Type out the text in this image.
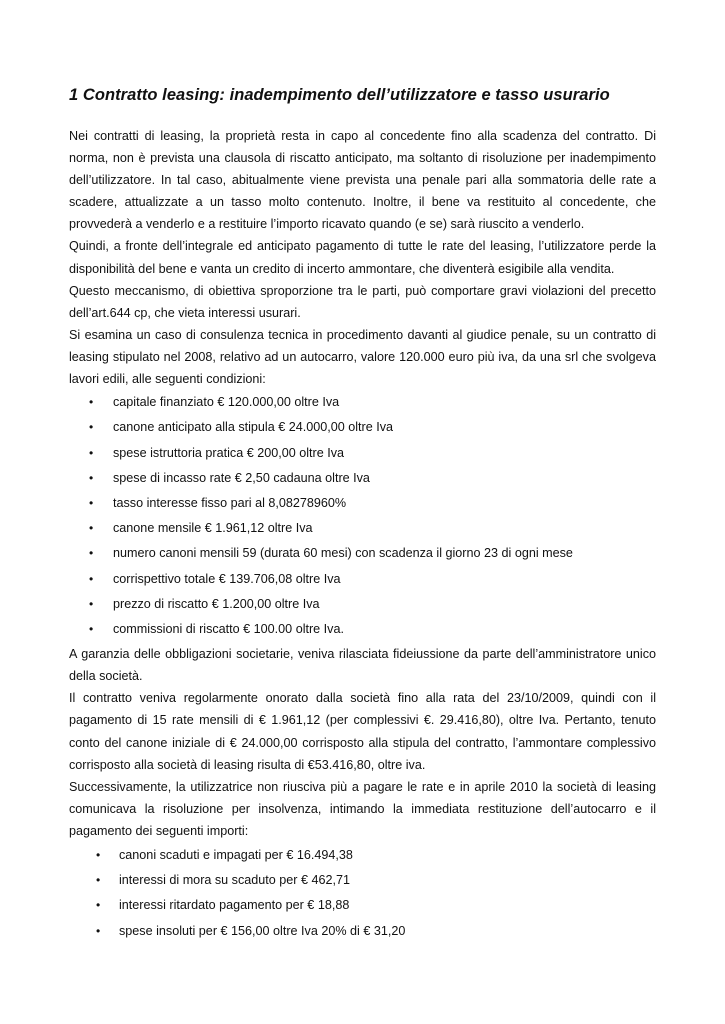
1 Contratto leasing: inadempimento dell’utilizzatore e tasso usurario

Nei contratti di leasing, la proprietà resta in capo al concedente fino alla scadenza del contratto. Di norma, non è prevista una clausola di riscatto anticipato, ma soltanto di risoluzione per inadempimento dell’utilizzatore. In tal caso, abitualmente viene prevista una penale pari alla sommatoria delle rate a scadere, attualizzate a un tasso molto contenuto. Inoltre, il bene va restituito al concedente, che provvederà a venderlo e a restituire l’importo ricavato quando (e se) sarà riuscito a venderlo.

Quindi, a fronte dell’integrale ed anticipato pagamento di tutte le rate del leasing, l’utilizzatore perde la disponibilità del bene e vanta un credito di incerto ammontare, che diventerà esigibile alla vendita.

Questo meccanismo, di obiettiva sproporzione tra le parti, può comportare gravi violazioni del precetto dell’art.644 cp, che vieta interessi usurari.

Si esamina un caso di consulenza tecnica in procedimento davanti al giudice penale, su un contratto di leasing stipulato nel 2008, relativo ad un autocarro, valore 120.000 euro più iva, da una srl che svolgeva lavori edili, alle seguenti condizioni:

• capitale finanziato € 120.000,00 oltre Iva
• canone anticipato alla stipula € 24.000,00 oltre Iva
• spese istruttoria pratica € 200,00 oltre Iva
• spese di incasso rate € 2,50 cadauna oltre Iva
• tasso interesse fisso pari al 8,08278960%
• canone mensile € 1.961,12 oltre Iva
• numero canoni mensili 59 (durata 60 mesi) con scadenza il giorno 23 di ogni mese
• corrispettivo totale € 139.706,08 oltre Iva
• prezzo di riscatto € 1.200,00 oltre Iva
• commissioni di riscatto € 100.00 oltre Iva.

A garanzia delle obbligazioni societarie, veniva rilasciata fideiussione da parte dell’amministratore unico della società.

Il contratto veniva regolarmente onorato dalla società fino alla rata del 23/10/2009, quindi con il pagamento di 15 rate mensili di € 1.961,12 (per complessivi €. 29.416,80), oltre Iva. Pertanto, tenuto conto del canone iniziale di € 24.000,00 corrisposto alla stipula del contratto, l’ammontare complessivo corrisposto alla società di leasing risulta di €53.416,80, oltre iva.

Successivamente, la utilizzatrice non riusciva più a pagare le rate e in aprile 2010 la società di leasing comunicava la risoluzione per insolvenza, intimando la immediata restituzione dell’autocarro e il pagamento dei seguenti importi:

• canoni scaduti e impagati per € 16.494,38
• interessi di mora su scaduto per € 462,71
• interessi ritardato pagamento per € 18,88
• spese insoluti per € 156,00 oltre Iva 20% di € 31,20
